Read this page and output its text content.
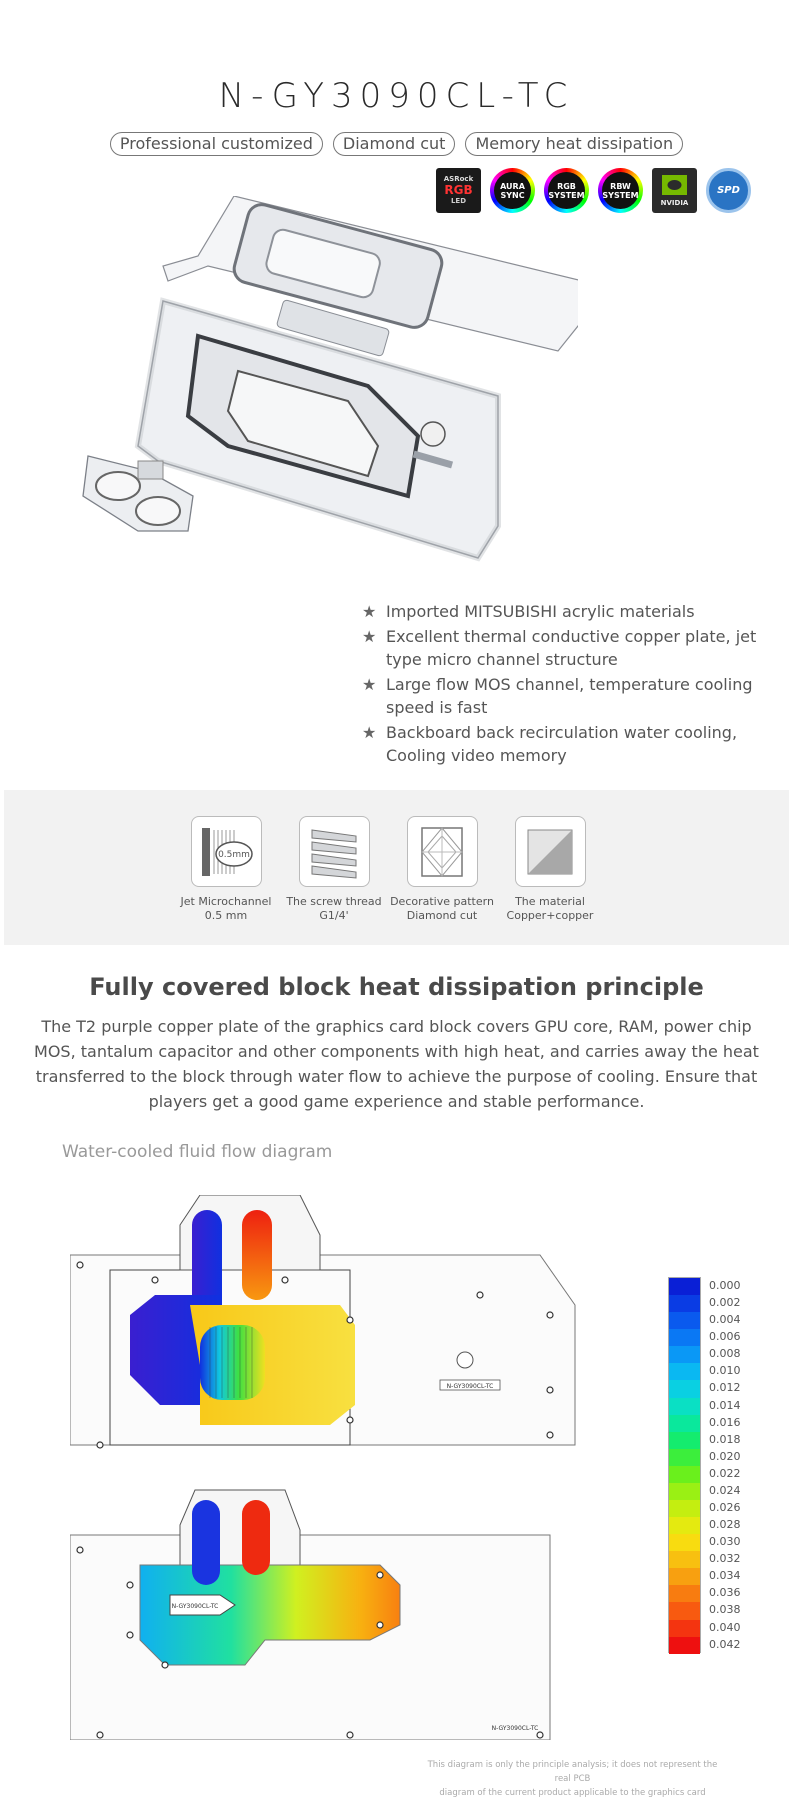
N-GY3090CL-TC
Professional customized	Diamond cut	Memory heat dissipation
ASRock
RGB
LED
AURA SYNC
RGB SYSTEM
RBW SYSTEM
NVIDIA
SPD
★ Imported MITSUBISHI acrylic materials
★ Excellent thermal conductive copper plate, jet type micro channel structure
★ Large flow MOS channel, temperature cooling speed is fast
★ Backboard back recirculation water cooling, Cooling video memory
0.5mm
Jet Microchannel
0.5 mm
The screw thread
G1/4'
Decorative pattern
Diamond cut
The material
Copper+copper
Fully covered block heat dissipation principle
The T2 purple copper plate of the graphics card block covers GPU core, RAM, power chip MOS, tantalum capacitor and other components with high heat, and carries away the heat transferred to the block through water flow to achieve the purpose of cooling. Ensure that players get a good game experience and stable performance.
Water-cooled fluid flow diagram
N-GY3090CL-TC
N-GY3090CL-TC
N-GY3090CL-TC
0.000
0.002
0.004
0.006
0.008
0.010
0.012
0.014
0.016
0.018
0.020
0.022
0.024
0.026
0.028
0.030
0.032
0.034
0.036
0.038
0.040
0.042
This diagram is only the principle analysis; it does not represent the real PCB
diagram of the current product applicable to the graphics card
